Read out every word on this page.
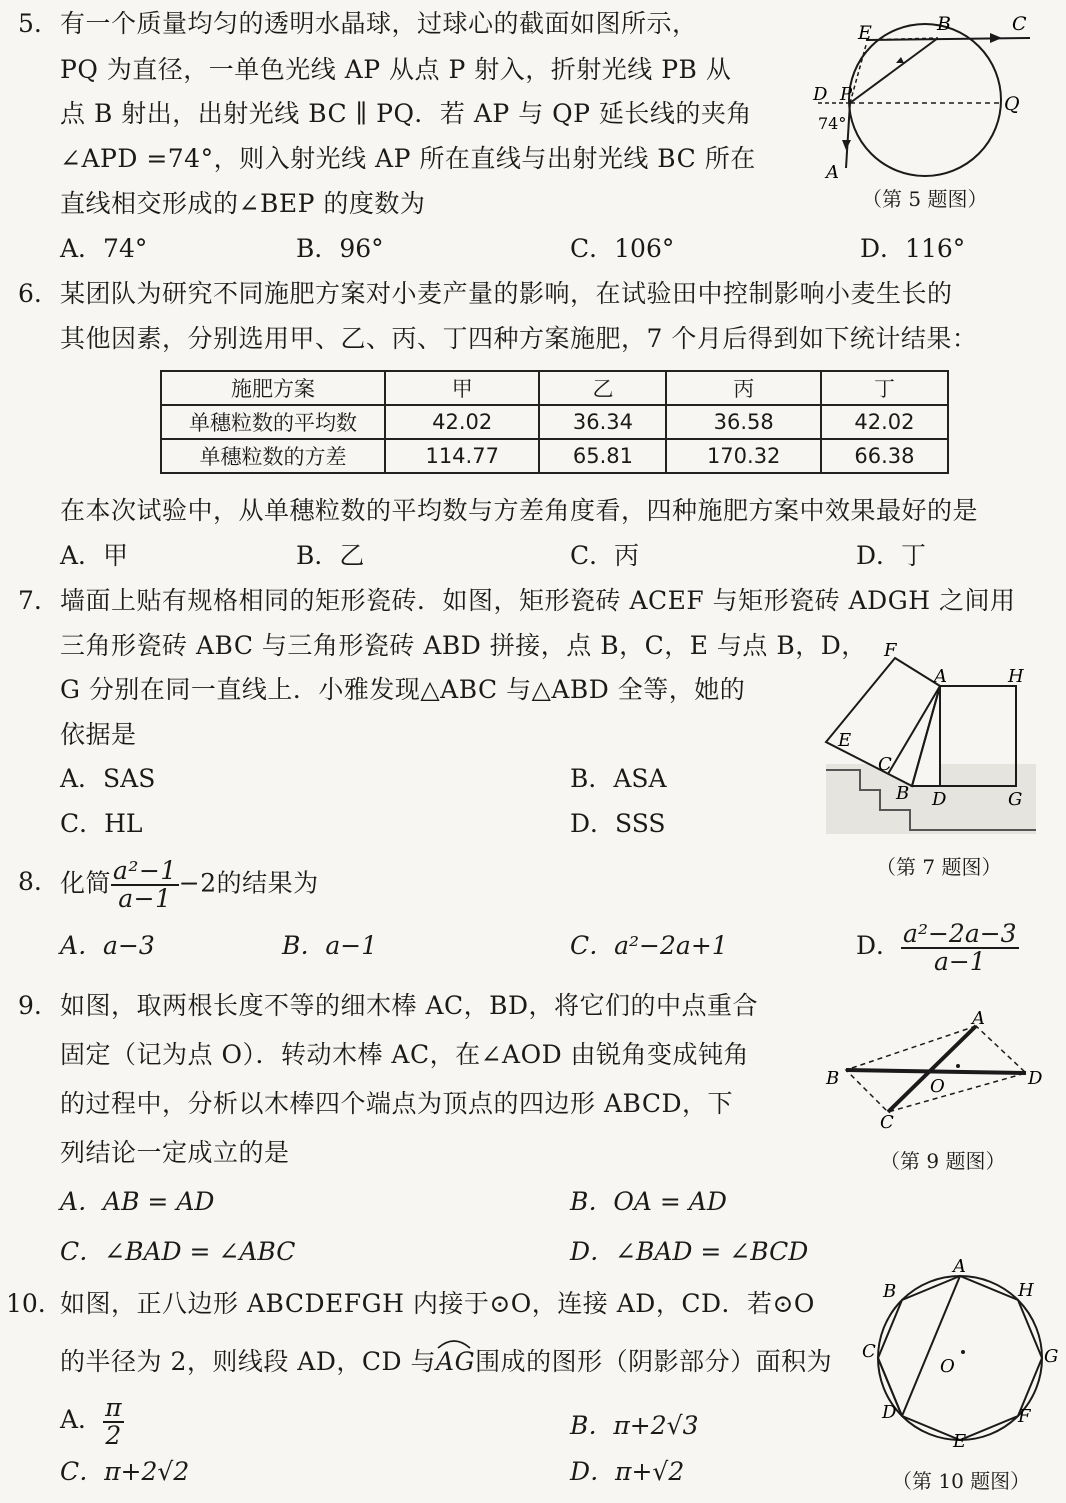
5. 有一个质量均匀的透明水晶球，过球心的截面如图所示，
PQ 为直径，一单色光线 AP 从点 P 射入，折射光线 PB 从
点 B 射出，出射光线 BC ∥ PQ．若 AP 与 QP 延长线的夹角
∠APD =74°，则入射光线 AP 所在直线与出射光线 BC 所在
直线相交形成的∠BEP 的度数为
A．74°	B．96°	C．106°	D．116°
E	B	C
D P	Q
A
74°
（第 5 题图）
6. 某团队为研究不同施肥方案对小麦产量的影响，在试验田中控制影响小麦生长的
其他因素，分别选用甲、乙、丙、丁四种方案施肥，7 个月后得到如下统计结果：
施肥方案	甲	乙	丙	丁
单穗粒数的平均数	42.02	36.34	36.58	42.02
单穗粒数的方差	114.77	65.81	170.32	66.38
在本次试验中，从单穗粒数的平均数与方差角度看，四种施肥方案中效果最好的是
A．甲	B．乙	C．丙	D．丁
7. 墙面上贴有规格相同的矩形瓷砖．如图，矩形瓷砖 ACEF 与矩形瓷砖 ADGH 之间用
三角形瓷砖 ABC 与三角形瓷砖 ABD 拼接，点 B，C，E 与点 B，D，
G 分别在同一直线上．小雅发现△ABC 与△ABD 全等，她的
依据是
A．SAS	B．ASA
C．HL	D．SSS
F
A	H
E
C
B D	G
（第 7 题图）
8. 化简 $\frac{\text{a²−1}}{a-1} -2$的结果为
A．a−3	B．a−1	C．a²−2a+1	D． $\frac{\text{a²−2a−3}}{a-1}$
9. 如图，取两根长度不等的细木棒 AC，BD，将它们的中点重合
固定（记为点 O）．转动木棒 AC，在∠AOD 由锐角变成钝角
的过程中，分析以木棒四个端点为顶点的四边形 ABCD，下
列结论一定成立的是
A．AB = AD	B．OA = AD
C．∠BAD = ∠ABC	D．∠BAD = ∠BCD
A
B
C
D
O
（第 9 题图）
10. 如图，正八边形 ABCDEFGH 内接于⊙O，连接 AD，CD．若⊙O
的半径为 2，则线段 AD，CD 与
AG围成的图形（阴影部分）面积为
A． $\frac{\pi}{2}$	B．π+2√3
C．π+2√2	D．π+√2
A
B
C
D
E
F
G
H
O
（第 10 题图）
